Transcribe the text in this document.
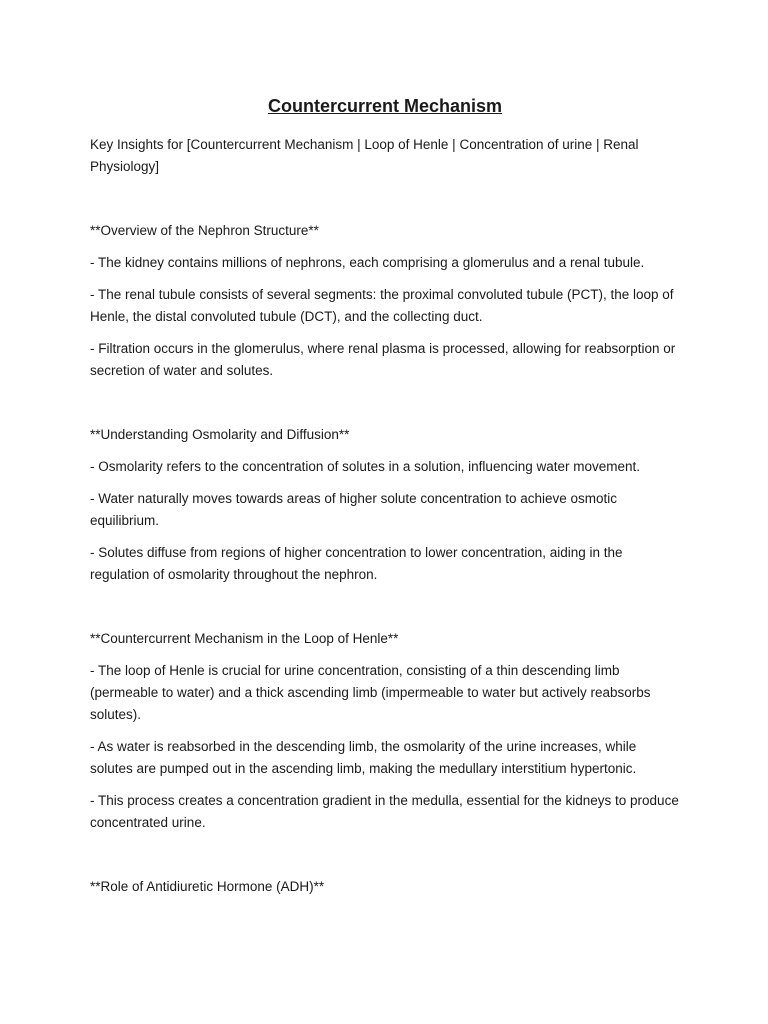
Countercurrent Mechanism

Key Insights for [Countercurrent Mechanism | Loop of Henle | Concentration of urine | Renal Physiology]

**Overview of the Nephron Structure**

- The kidney contains millions of nephrons, each comprising a glomerulus and a renal tubule.

- The renal tubule consists of several segments: the proximal convoluted tubule (PCT), the loop of Henle, the distal convoluted tubule (DCT), and the collecting duct.

- Filtration occurs in the glomerulus, where renal plasma is processed, allowing for reabsorption or secretion of water and solutes.

**Understanding Osmolarity and Diffusion**

- Osmolarity refers to the concentration of solutes in a solution, influencing water movement.

- Water naturally moves towards areas of higher solute concentration to achieve osmotic equilibrium.

- Solutes diffuse from regions of higher concentration to lower concentration, aiding in the regulation of osmolarity throughout the nephron.

**Countercurrent Mechanism in the Loop of Henle**

- The loop of Henle is crucial for urine concentration, consisting of a thin descending limb (permeable to water) and a thick ascending limb (impermeable to water but actively reabsorbs solutes).

- As water is reabsorbed in the descending limb, the osmolarity of the urine increases, while solutes are pumped out in the ascending limb, making the medullary interstitium hypertonic.

- This process creates a concentration gradient in the medulla, essential for the kidneys to produce concentrated urine.

**Role of Antidiuretic Hormone (ADH)**
